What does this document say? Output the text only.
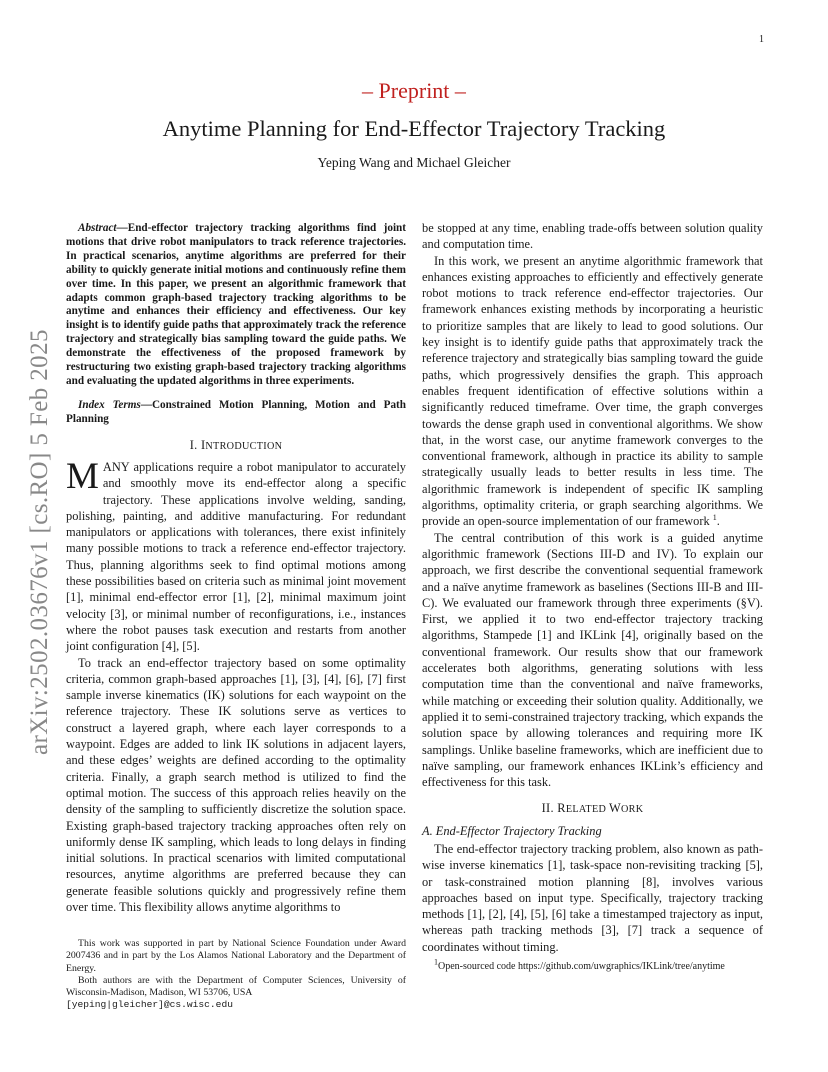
1
arXiv:2502.03676v1 [cs.RO] 5 Feb 2025
– Preprint –
Anytime Planning for End-Effector Trajectory Tracking
Yeping Wang and Michael Gleicher

Abstract—End-effector trajectory tracking algorithms find joint motions that drive robot manipulators to track reference trajectories. In practical scenarios, anytime algorithms are preferred for their ability to quickly generate initial motions and continuously refine them over time. In this paper, we present an algorithmic framework that adapts common graph-based trajectory tracking algorithms to be anytime and enhances their efficiency and effectiveness. Our key insight is to identify guide paths that approximately track the reference trajectory and strategically bias sampling toward the guide paths. We demonstrate the effectiveness of the proposed framework by restructuring two existing graph-based trajectory tracking algorithms and evaluating the updated algorithms in three experiments.

Index Terms—Constrained Motion Planning, Motion and Path Planning

I. INTRODUCTION

MANY applications require a robot manipulator to accurately and smoothly move its end-effector along a specific trajectory. These applications involve welding, sanding, polishing, painting, and additive manufacturing. For redundant manipulators or applications with tolerances, there exist infinitely many possible motions to track a reference end-effector trajectory. Thus, planning algorithms seek to find optimal motions among these possibilities based on criteria such as minimal joint movement [1], minimal end-effector error [1], [2], minimal maximum joint velocity [3], or minimal number of reconfigurations, i.e., instances where the robot pauses task execution and restarts from another joint configuration [4], [5].

To track an end-effector trajectory based on some optimality criteria, common graph-based approaches [1], [3], [4], [6], [7] first sample inverse kinematics (IK) solutions for each waypoint on the reference trajectory. These IK solutions serve as vertices to construct a layered graph, where each layer corresponds to a waypoint. Edges are added to link IK solutions in adjacent layers, and these edges’ weights are defined according to the optimality criteria. Finally, a graph search method is utilized to find the optimal motion. The success of this approach relies heavily on the density of the sampling to sufficiently discretize the solution space. Existing graph-based trajectory tracking approaches often rely on uniformly dense IK sampling, which leads to long delays in finding initial solutions. In practical scenarios with limited computational resources, anytime algorithms are preferred because they can generate feasible solutions quickly and progressively refine them over time. This flexibility allows anytime algorithms to

This work was supported in part by National Science Foundation under Award 2007436 and in part by the Los Alamos National Laboratory and the Department of Energy.

Both authors are with the Department of Computer Sciences, University of Wisconsin-Madison, Madison, WI 53706, USA

[yeping|gleicher]@cs.wisc.edu

be stopped at any time, enabling trade-offs between solution quality and computation time.

In this work, we present an anytime algorithmic framework that enhances existing approaches to efficiently and effectively generate robot motions to track reference end-effector trajectories. Our framework enhances existing methods by incorporating a heuristic to prioritize samples that are likely to lead to good solutions. Our key insight is to identify guide paths that approximately track the reference trajectory and strategically bias sampling toward the guide paths, which progressively densifies the graph. This approach enables frequent identification of effective solutions within a significantly reduced timeframe. Over time, the graph converges towards the dense graph used in conventional algorithms. We show that, in the worst case, our anytime framework converges to the conventional framework, although in practice its ability to sample strategically usually leads to better results in less time. The algorithmic framework is independent of specific IK sampling algorithms, optimality criteria, or graph searching algorithms. We provide an open-source implementation of our framework $^1$.

The central contribution of this work is a guided anytime algorithmic framework (Sections III-D and IV). To explain our approach, we first describe the conventional sequential framework and a naïve anytime framework as baselines (Sections III-B and III-C). We evaluated our framework through three experiments (§V). First, we applied it to two end-effector trajectory tracking algorithms, Stampede [1] and IKLink [4], originally based on the conventional framework. Our results show that our framework accelerates both algorithms, generating solutions with less computation time than the conventional and naïve frameworks, while matching or exceeding their solution quality. Additionally, we applied it to semi-constrained trajectory tracking, which expands the solution space by allowing tolerances and requiring more IK samplings. Unlike baseline frameworks, which are inefficient due to naïve sampling, our framework enhances IKLink’s efficiency and effectiveness for this task.

II. RELATED WORK
A. End-Effector Trajectory Tracking

The end-effector trajectory tracking problem, also known as path-wise inverse kinematics [1], task-space non-revisiting tracking [5], or task-constrained motion planning [8], involves various approaches based on input type. Specifically, trajectory tracking methods [1], [2], [4], [5], [6] take a timestamped trajectory as input, whereas path tracking methods [3], [7] track a sequence of coordinates without timing.

$^1$Open-sourced code https://github.com/uwgraphics/IKLink/tree/anytime
